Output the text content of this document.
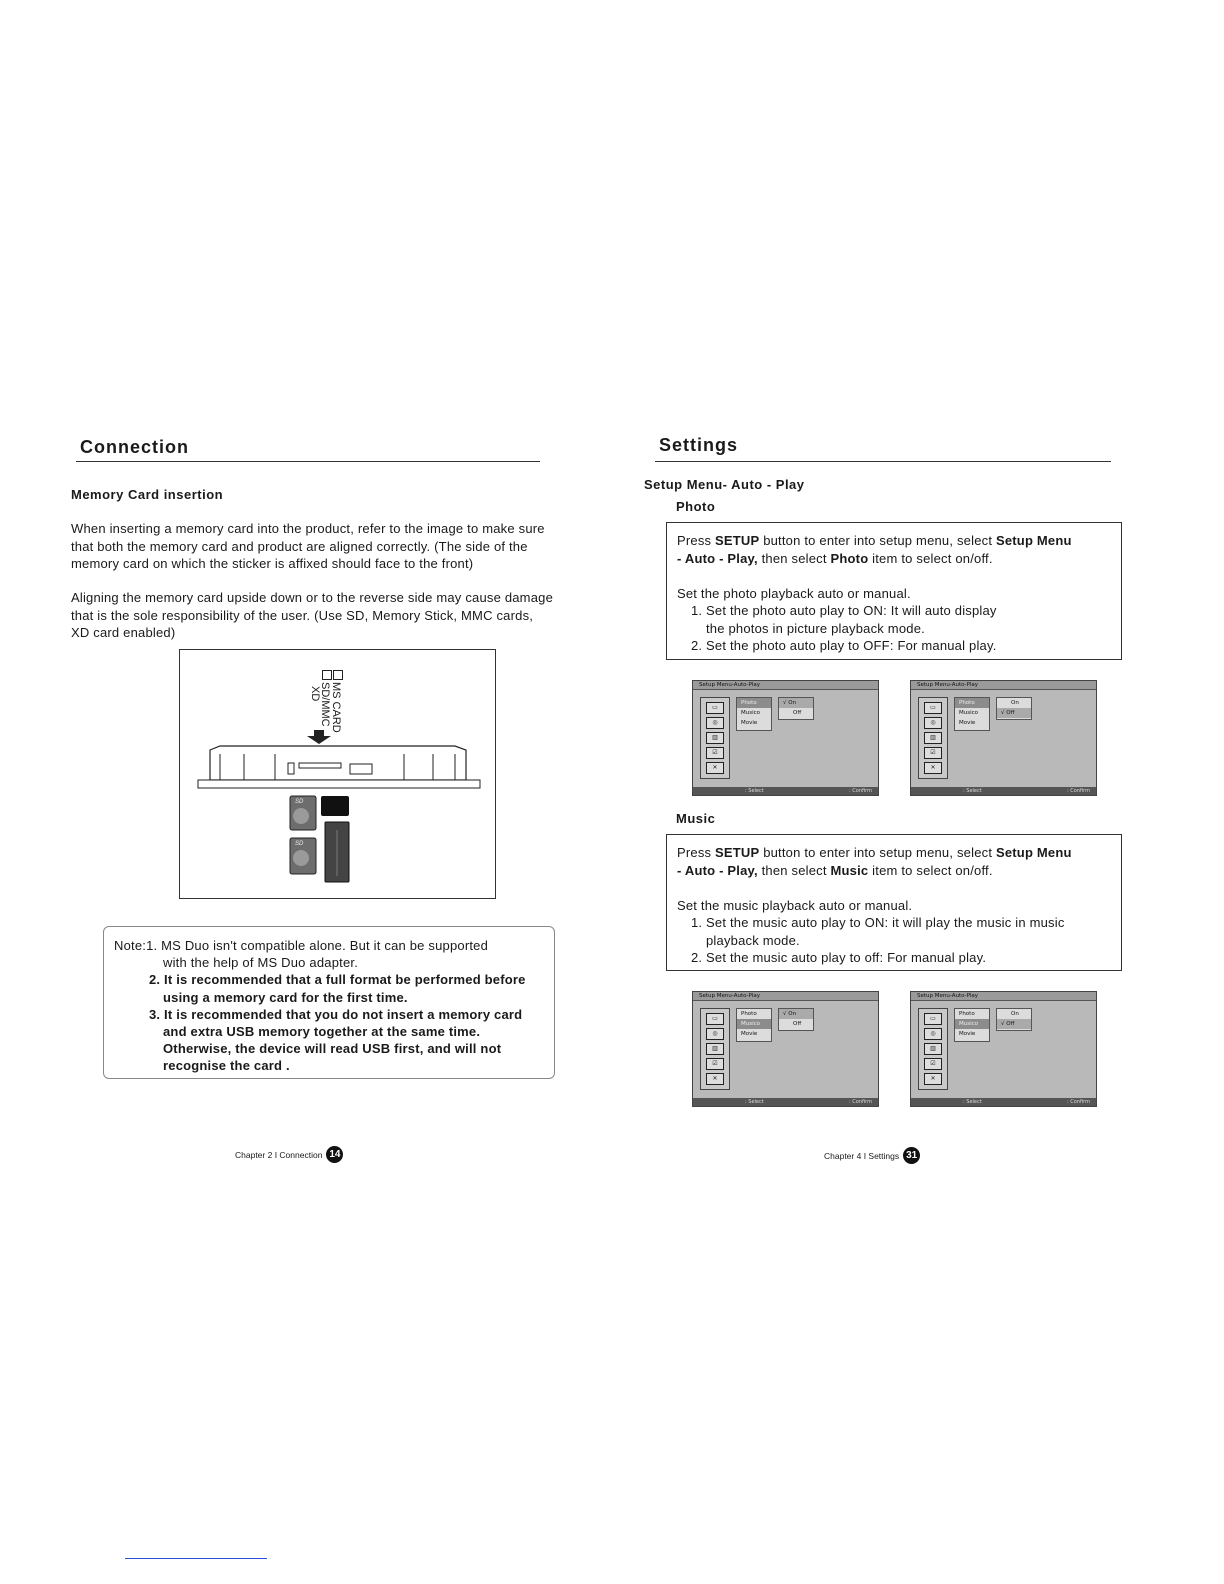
Connection
Memory Card insertion
When inserting a memory card into the product, refer to the image to make sure
that both the memory card and product are aligned correctly. (The side of the
memory card on which the sticker is affixed should face to the front)
Aligning the memory card upside down or to the reverse side may cause damage
that is the sole responsibility of the user. (Use SD, Memory Stick, MMC cards,
XD card enabled)
MS CARD
SD/MMC
XD
SD
SD
Note:1. MS Duo isn't compatible alone. But it can be supported
with the help of MS Duo adapter.
2. It is recommended that a full format be performed before
using a memory card for the first time.
3. It is recommended that you do not insert a memory card
and extra USB memory together at the same time.
Otherwise, the device will read USB first, and will not
recognise the card .
Chapter 2 I Connection 14
Settings
Setup Menu- Auto - Play
Photo
Press SETUP button to enter into setup menu, select Setup Menu
- Auto - Play, then select Photo item to select on/off.

Set the photo playback auto or manual.
1. Set the photo auto play to ON: It will auto display
the photos in picture playback mode.
2. Set the photo auto play to OFF: For manual play.
Setup Menu-Auto-Play
▭
◎
▥
☑
✕
Photo
Musico
Movie
√ On
Off
: Select	: Confirm
Setup Menu-Auto-Play
▭
◎
▥
☑
✕
Photo
Musico
Movie
On
√ Off
: Select	: Confirm
Music
Press SETUP button to enter into setup menu, select Setup Menu
- Auto - Play, then select Music item to select on/off.

Set the music playback auto or manual.
1. Set the music auto play to ON: it will play the music in music
playback mode.
2. Set the music auto play to off: For manual play.
Setup Menu-Auto-Play
▭
◎
▥
☑
✕
Photo
Musico
Movie
√ On
Off
: Select	: Confirm
Setup Menu-Auto-Play
▭
◎
▥
☑
✕
Photo
Musico
Movie
On
√ Off
: Select	: Confirm
Chapter 4 I Settings 31
